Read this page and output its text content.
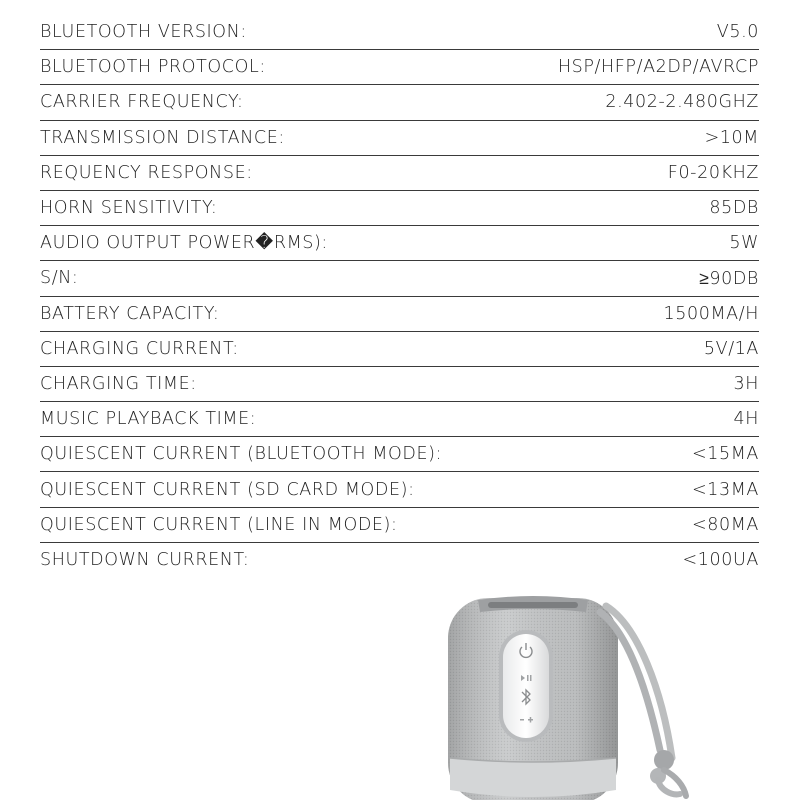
BLUETOOTH VERSION:	V5.0
BLUETOOTH PROTOCOL:	HSP/HFP/A2DP/AVRCP
CARRIER FREQUENCY:	2.402-2.480GHZ
TRANSMISSION DISTANCE:	>10M
REQUENCY RESPONSE:	F0-20KHZ
HORN SENSITIVITY:	85DB
AUDIO OUTPUT POWER�RMS):	5W
S/N:	≥90DB
BATTERY CAPACITY:	1500MA/H
CHARGING CURRENT:	5V/1A
CHARGING TIME:	3H
MUSIC PLAYBACK TIME:	4H
QUIESCENT CURRENT (BLUETOOTH MODE):	<15MA
QUIESCENT CURRENT (SD CARD MODE):	<13MA
QUIESCENT CURRENT (LINE IN MODE):	<80MA
SHUTDOWN CURRENT:	<100UA
